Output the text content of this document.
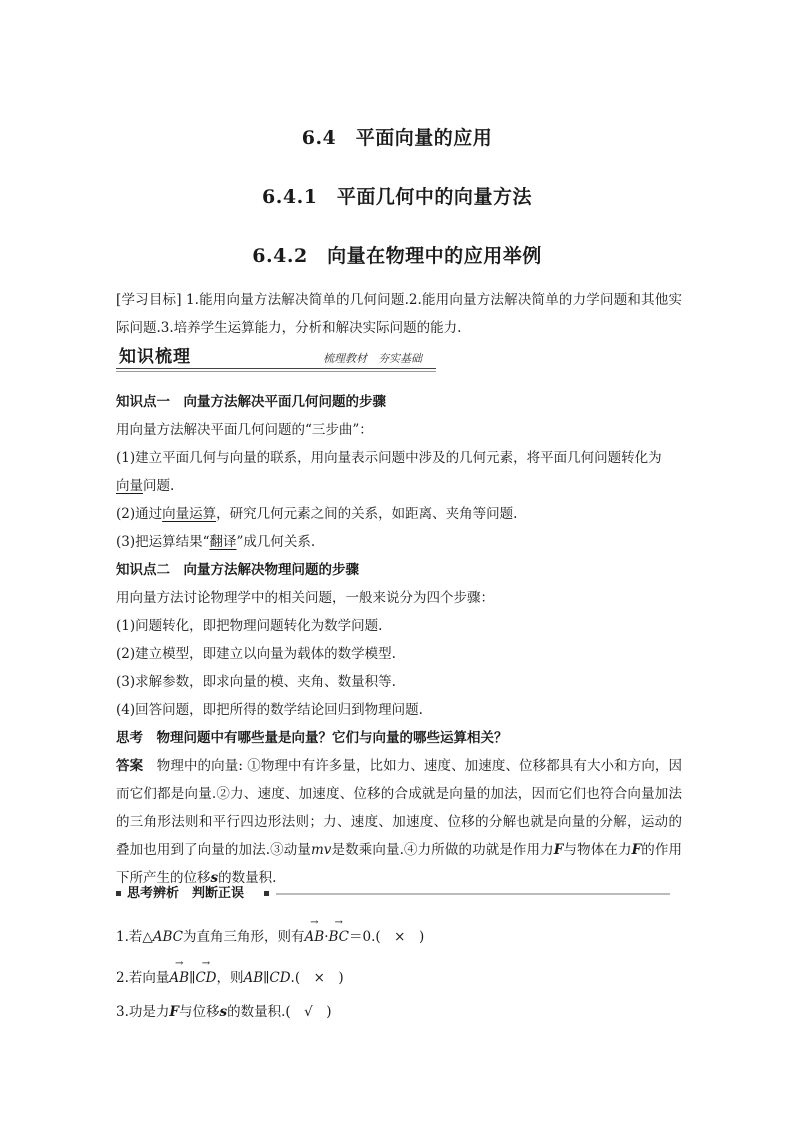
6.4　平面向量的应用
6.4.1　平面几何中的向量方法
6.4.2　向量在物理中的应用举例
[学习目标] 1.能用向量方法解决简单的几何问题.2.能用向量方法解决简单的力学问题和其他实际问题.3.培养学生运算能力，分析和解决实际问题的能力.
知识梳理	梳理教材　夯实基础
知识点一　向量方法解决平面几何问题的步骤
用向量方法解决平面几何问题的“三步曲”：
(1)建立平面几何与向量的联系，用向量表示问题中涉及的几何元素，将平面几何问题转化为
向量问题.
(2)通过向量运算，研究几何元素之间的关系，如距离、夹角等问题.
(3)把运算结果“翻译”成几何关系.
知识点二　向量方法解决物理问题的步骤
用向量方法讨论物理学中的相关问题，一般来说分为四个步骤：
(1)问题转化，即把物理问题转化为数学问题.
(2)建立模型，即建立以向量为载体的数学模型.
(3)求解参数，即求向量的模、夹角、数量积等.
(4)回答问题，即把所得的数学结论回归到物理问题.
思考　 物理问题中有哪些量是向量？它们与向量的哪些运算相关？
答案　 物理中的向量: ①物理中有许多量，比如力、速度、加速度、位移都具有大小和方向，因而它们都是向量.②力、速度、加速度、位移的合成就是向量的加法，因而它们也符合向量加法的三角形法则和平行四边形法则；力、速度、加速度、位移的分解也就是向量的分解，运动的叠加也用到了向量的加法.③动量mv是数乘向量.④力所做的功就是作用力F与物体在力F的作用下所产生的位移s的数量积.
思考辨析　判断正误
1.若△ABC为直角三角形，则有→ AB·→ BC＝0.(　×　)
2.若向量→ AB∥→ CD，则AB∥CD.(　×　)
3.功是力F与位移s的数量积.(　√　)
